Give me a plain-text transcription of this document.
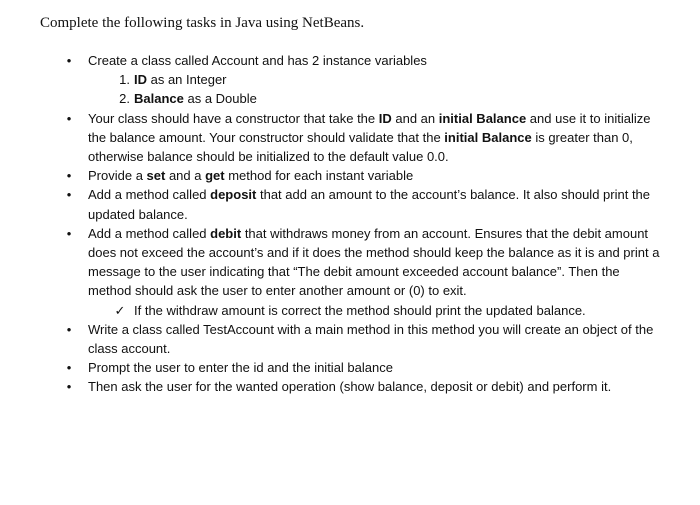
Complete the following tasks in Java using NetBeans.
• Create a class called Account and has 2 instance variables
1. ID as an Integer
2. Balance as a Double
• Your class should have a constructor that take the ID and an initial Balance and use it to initialize the balance amount. Your constructor should validate that the initial Balance is greater than 0, otherwise balance should be initialized to the default value 0.0.
• Provide a set and a get method for each instant variable
• Add a method called deposit that add an amount to the account’s balance. It also should print the updated balance.
• Add a method called debit that withdraws money from an account. Ensures that the debit amount does not exceed the account’s and if it does the method should keep the balance as it is and print a message to the user indicating that “The debit amount exceeded account balance”. Then the method should ask the user to enter another amount or (0) to exit.
✓ If the withdraw amount is correct the method should print the updated balance.
• Write a class called TestAccount with a main method in this method you will create an object of the class account.
• Prompt the user to enter the id and the initial balance
• Then ask the user for the wanted operation (show balance, deposit or debit) and perform it.
